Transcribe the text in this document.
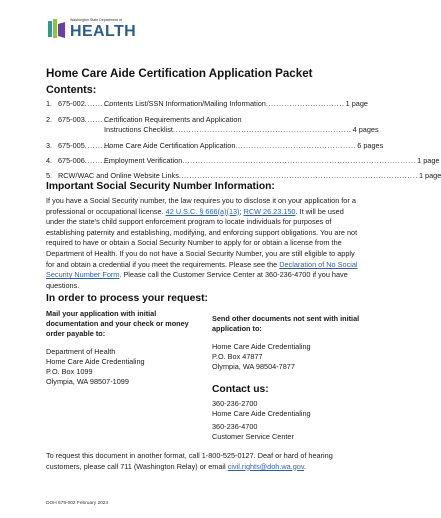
Washington State Department of
HEALTH
Home Care Aide Certification Application Packet
Contents:
1. 675-002 ..........
Contents List/SSN Information/Mailing Information .............................. 1 page
2. 675-003 ..........
Certification Requirements and Application
Instructions Checklist .................................................................... 4 pages
3. 675-005 ..........
Home Care Aide Certification Application .............................................. 6 pages
4. 675-006 ..........
Employment Verification ......................................................................................... 1 page
5. RCW/WAC and Online Website Links ........................................................................................... 1 page
Important Social Security Number Information:

If you have a Social Security number, the law requires you to disclose it on your application for a professional or occupational license. 42 U.S.C. § 666(a)(13); RCW 26.23.150. It will be used under the state’s child support enforcement program to locate individuals for purposes of establishing paternity and establishing, modifying, and enforcing support obligations. You are not required to have or obtain a Social Security Number to apply for or obtain a license from the Department of Health. If you do not have a Social Security Number, you are still eligible to apply for and obtain a credential if you meet the requirements. Please see the Declaration of No Social Security Number Form. Please call the Customer Service Center at 360-236-4700 if you have questions.

In order to process your request:
Mail your application with initial documentation and your check or money order payable to:
Department of Health
Home Care Aide Credentialing
P.O. Box 1099
Olympia, WA 98507-1099
Send other documents not sent with initial application to:
Home Care Aide Credentialing
P.O. Box 47877
Olympia, WA 98504-7877
Contact us:
360-236-2700
Home Care Aide Credentialing
360-236-4700
Customer Service Center

To request this document in another format, call 1-800-525-0127. Deaf or hard of hearing customers, please call 711 (Washington Relay) or email civil.rights@doh.wa.gov.

DOH 675-002 February 2024
